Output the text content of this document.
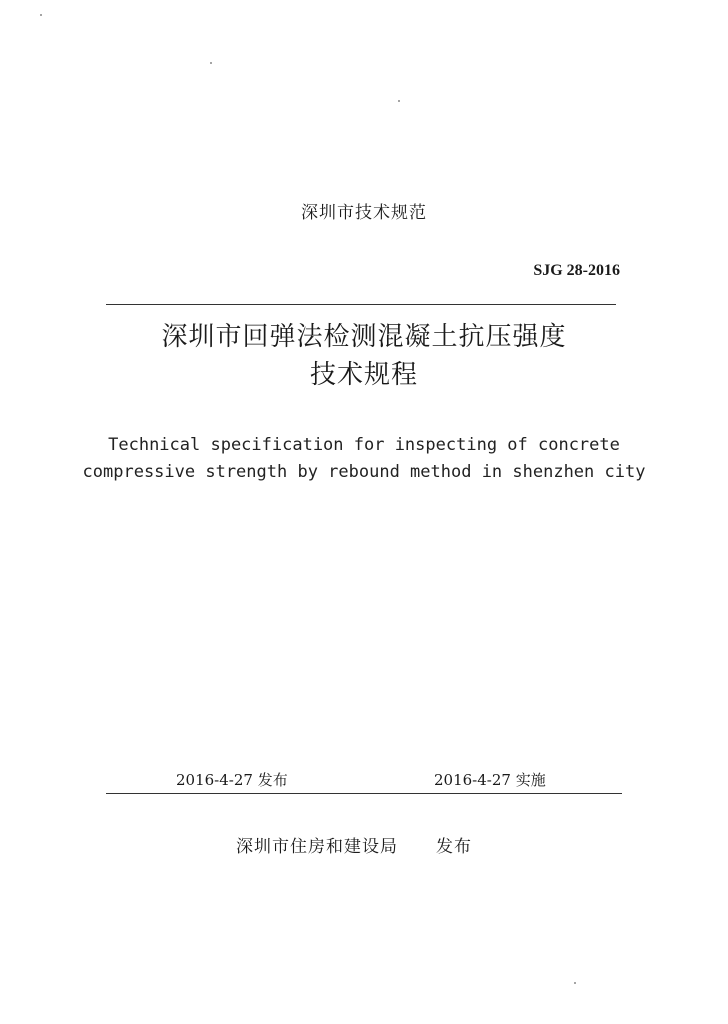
深圳市技术规范
SJG 28-2016
深圳市回弹法检测混凝土抗压强度
技术规程
Technical specification for inspecting of concrete
compressive strength by rebound method in shenzhen city
2016-4-27 发布	2016-4-27 实施
深圳市住房和建设局 发布
